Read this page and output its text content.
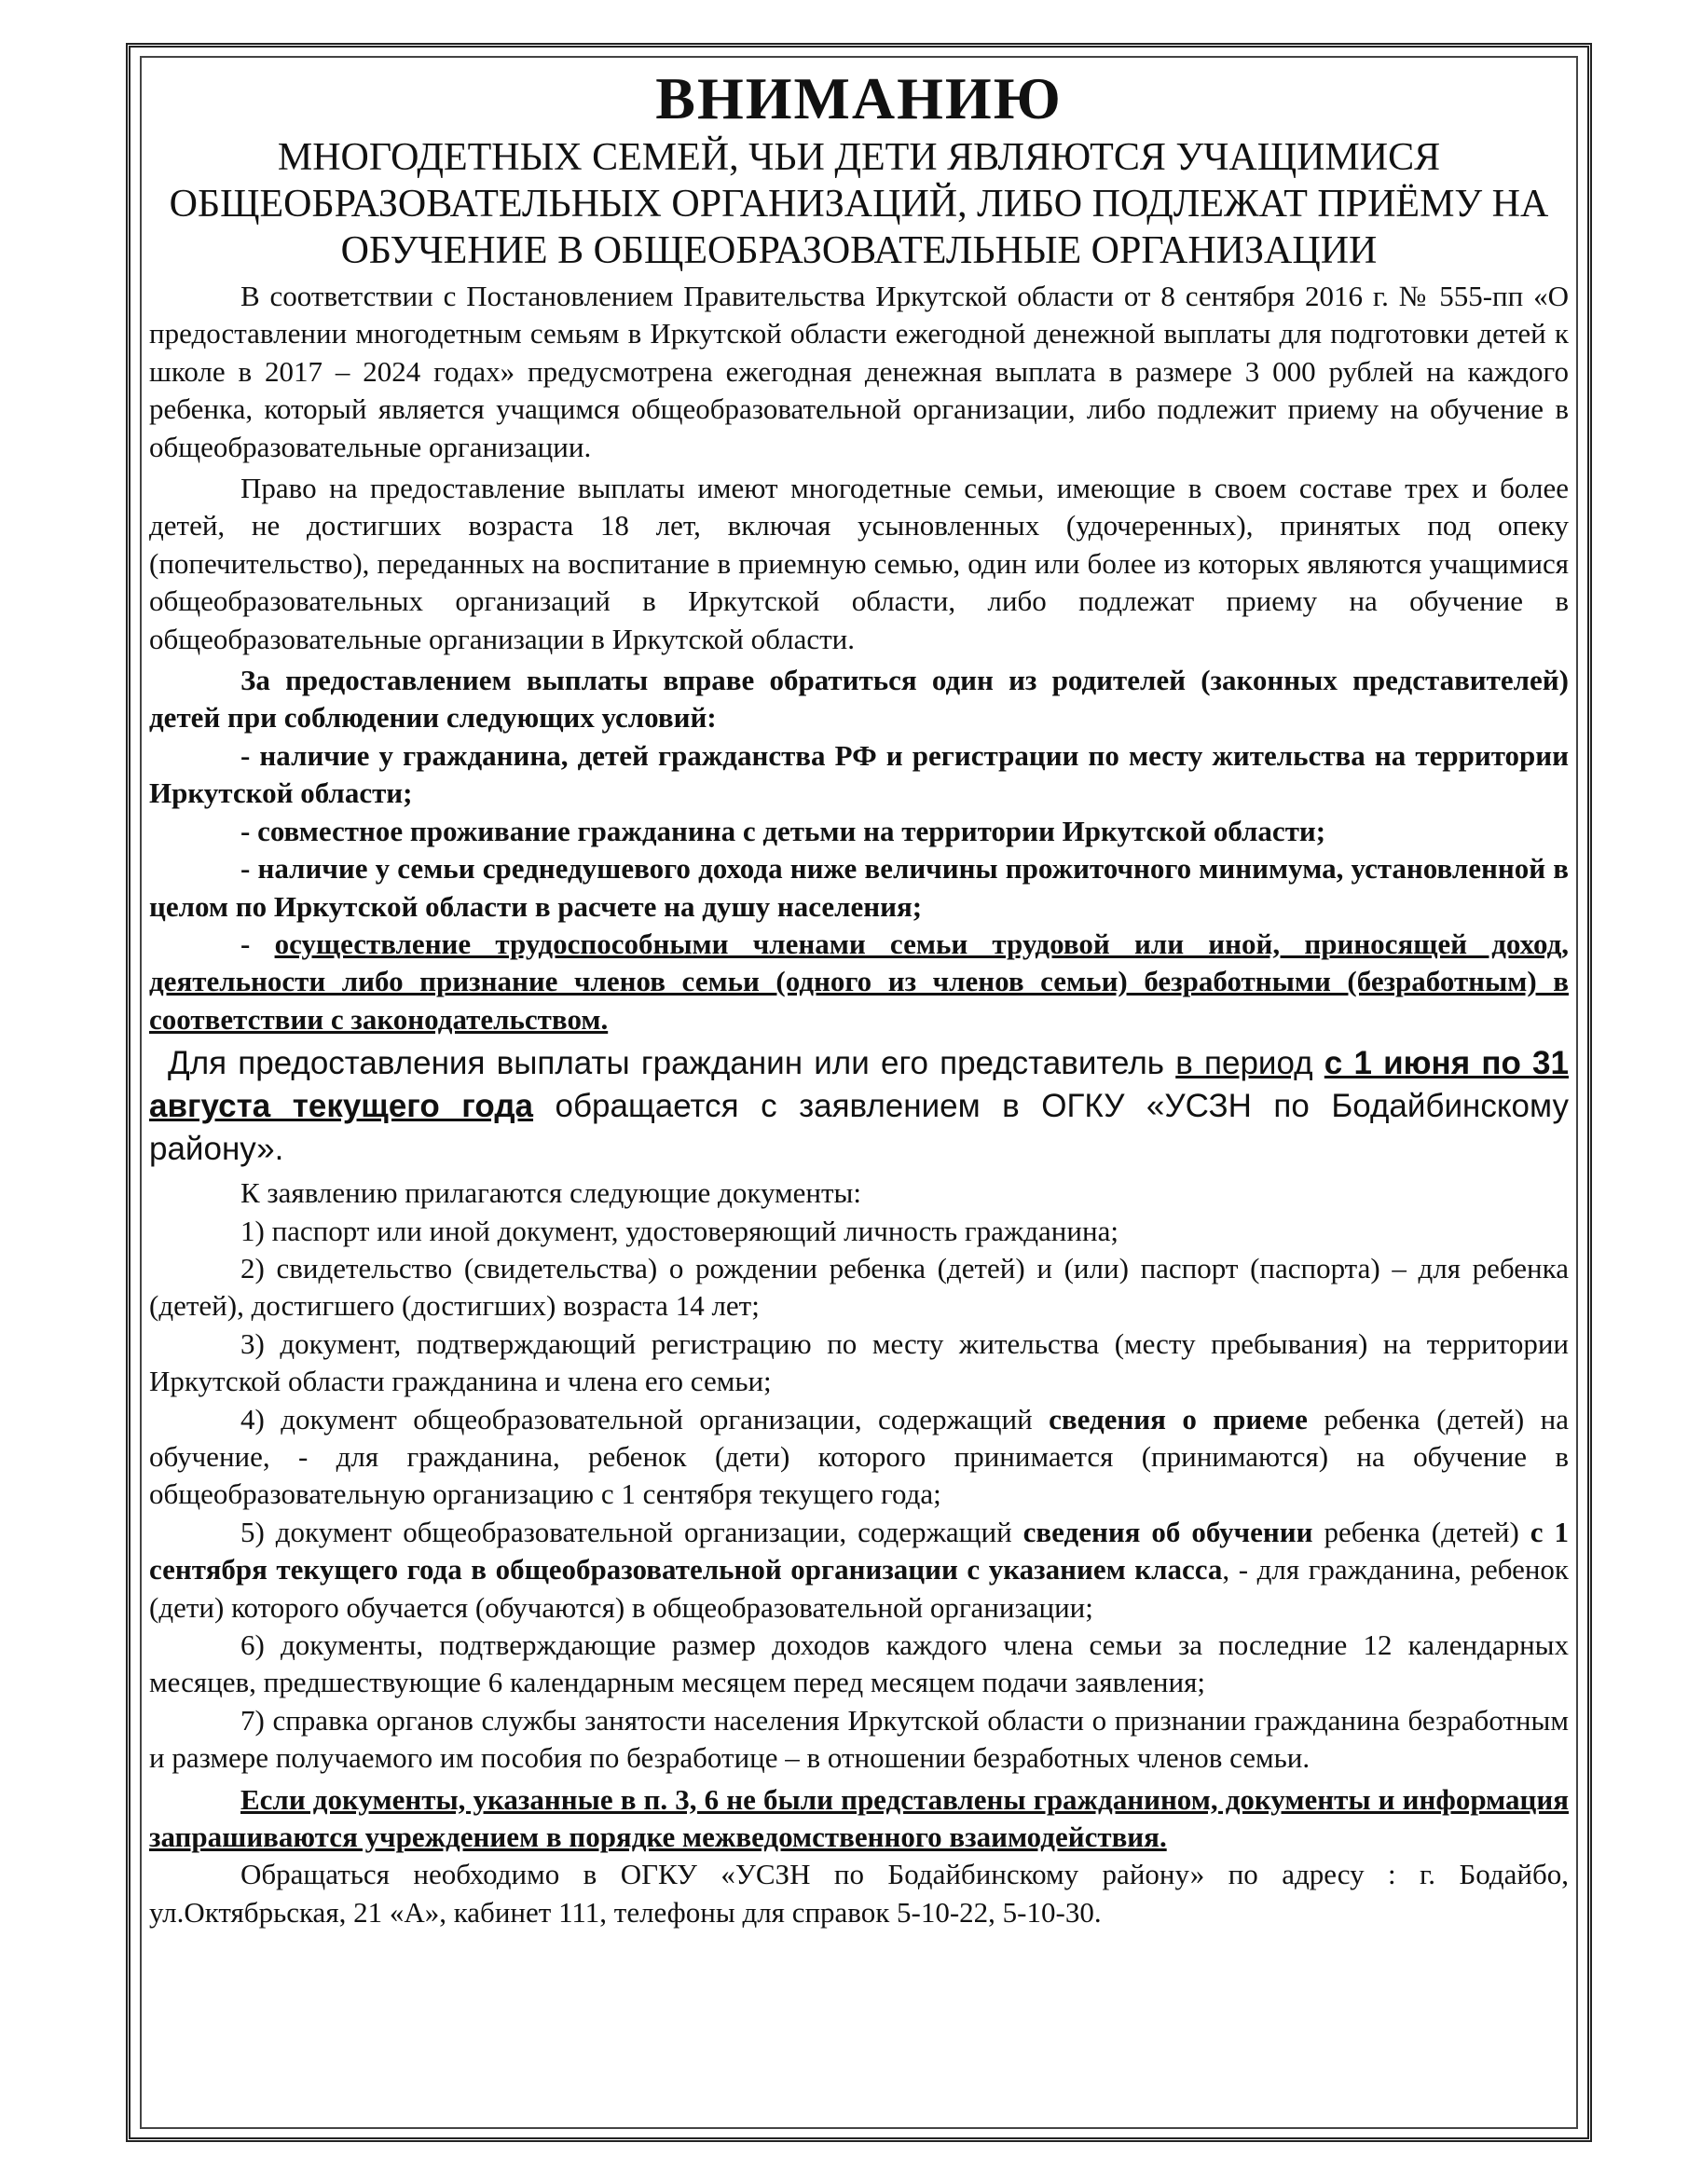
ВНИМАНИЮ
МНОГОДЕТНЫХ СЕМЕЙ, ЧЬИ ДЕТИ ЯВЛЯЮТСЯ УЧАЩИМИСЯ ОБЩЕОБРАЗОВАТЕЛЬНЫХ ОРГАНИЗАЦИЙ, ЛИБО ПОДЛЕЖАТ ПРИЁМУ НА ОБУЧЕНИЕ В ОБЩЕОБРАЗОВАТЕЛЬНЫЕ ОРГАНИЗАЦИИ

В соответствии с Постановлением Правительства Иркутской области от 8 сентября 2016 г. № 555-пп «О предоставлении многодетным семьям в Иркутской области ежегодной денежной выплаты для подготовки детей к школе в 2017 – 2024 годах» предусмотрена ежегодная денежная выплата в размере 3 000 рублей на каждого ребенка, который является учащимся общеобразовательной организации, либо подлежит приему на обучение в общеобразовательные организации.

Право на предоставление выплаты имеют многодетные семьи, имеющие в своем составе трех и более детей, не достигших возраста 18 лет, включая усыновленных (удочеренных), принятых под опеку (попечительство), переданных на воспитание в приемную семью, один или более из которых являются учащимися общеобразовательных организаций в Иркутской области, либо подлежат приему на обучение в общеобразовательные организации в Иркутской области.

За предоставлением выплаты вправе обратиться один из родителей (законных представителей) детей при соблюдении следующих условий:

- наличие у гражданина, детей гражданства РФ и регистрации по месту жительства на территории Иркутской области;

- совместное проживание гражданина с детьми на территории Иркутской области;

- наличие у семьи среднедушевого дохода ниже величины прожиточного минимума, установленной в целом по Иркутской области в расчете на душу населения;

- осуществление трудоспособными членами семьи трудовой или иной, приносящей доход, деятельности либо признание членов семьи (одного из членов семьи) безработными (безработным) в соответствии с законодательством.

Для предоставления выплаты гражданин или его представитель в период с 1 июня по 31 августа текущего года обращается с заявлением в ОГКУ «УСЗН по Бодайбинскому району».

К заявлению прилагаются следующие документы:

1) паспорт или иной документ, удостоверяющий личность гражданина;

2) свидетельство (свидетельства) о рождении ребенка (детей) и (или) паспорт (паспорта) – для ребенка (детей), достигшего (достигших) возраста 14 лет;

3) документ, подтверждающий регистрацию по месту жительства (месту пребывания) на территории Иркутской области гражданина и члена его семьи;

4) документ общеобразовательной организации, содержащий сведения о приеме ребенка (детей) на обучение, - для гражданина, ребенок (дети) которого принимается (принимаются) на обучение в общеобразовательную организацию с 1 сентября текущего года;

5) документ общеобразовательной организации, содержащий сведения об обучении ребенка (детей) с 1 сентября текущего года в общеобразовательной организации с указанием класса, - для гражданина, ребенок (дети) которого обучается (обучаются) в общеобразовательной организации;

6) документы, подтверждающие размер доходов каждого члена семьи за последние 12 календарных месяцев, предшествующие 6 календарным месяцем перед месяцем подачи заявления;

7) справка органов службы занятости населения Иркутской области о признании гражданина безработным и размере получаемого им пособия по безработице – в отношении безработных членов семьи.

Если документы, указанные в п. 3, 6 не были представлены гражданином, документы и информация запрашиваются учреждением в порядке межведомственного взаимодействия.

Обращаться необходимо в ОГКУ «УСЗН по Бодайбинскому району» по адресу : г. Бодайбо, ул.Октябрьская, 21 «А», кабинет 111, телефоны для справок 5-10-22, 5-10-30.
